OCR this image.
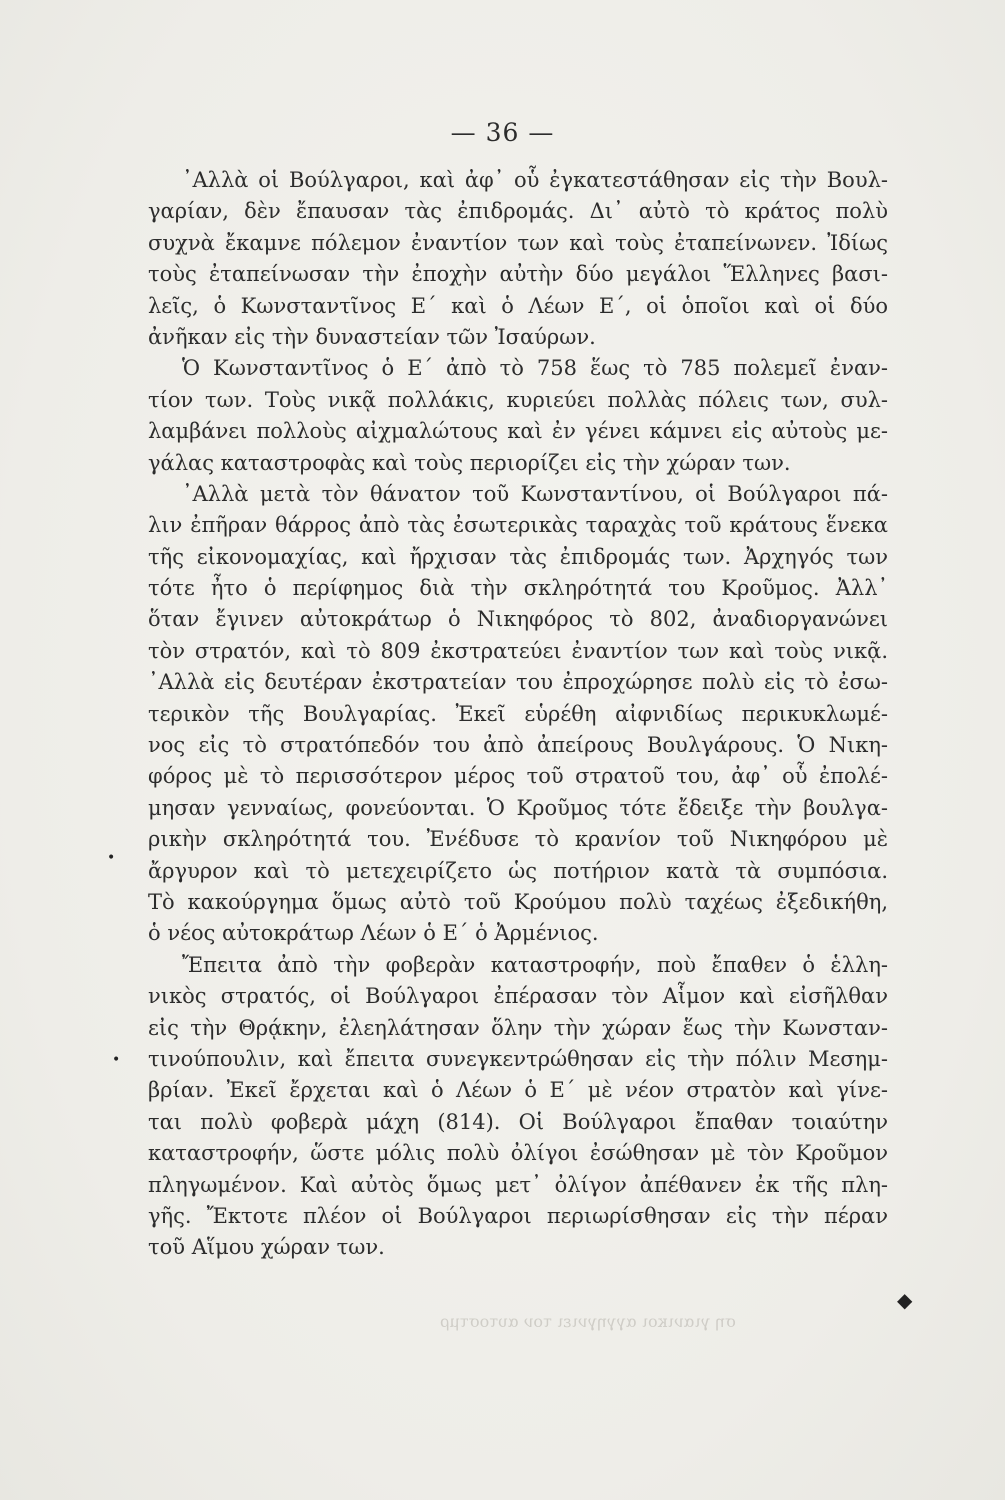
— 36 —
᾿Αλλὰ οἱ Βούλγαροι, καὶ ἀφ᾿ οὗ ἐγκατεστάθησαν εἰς τὴν Βουλ-
γαρίαν, δὲν ἔπαυσαν τὰς ἐπιδρομάς. Δι᾿ αὐτὸ τὸ κράτος πολὺ
συχνὰ ἔκαμνε πόλεμον ἐναντίον των καὶ τοὺς ἐταπείνωνεν. Ἰδίως
τοὺς ἐταπείνωσαν τὴν ἐποχὴν αὐτὴν δύο μεγάλοι Ἕλληνες βασι-
λεῖς, ὁ Κωνσταντῖνος Ε΄ καὶ ὁ Λέων Ε΄, οἱ ὁποῖοι καὶ οἱ δύο
ἀνῆκαν εἰς τὴν δυναστείαν τῶν Ἰσαύρων.
Ὁ Κωνσταντῖνος ὁ Ε΄ ἀπὸ τὸ 758 ἕως τὸ 785 πολεμεῖ ἐναν-
τίον των. Τοὺς νικᾷ πολλάκις, κυριεύει πολλὰς πόλεις των, συλ-
λαμβάνει πολλοὺς αἰχμαλώτους καὶ ἐν γένει κάμνει εἰς αὐτοὺς με-
γάλας καταστροφὰς καὶ τοὺς περιορίζει εἰς τὴν χώραν των.
᾿Αλλὰ μετὰ τὸν θάνατον τοῦ Κωνσταντίνου, οἱ Βούλγαροι πά-
λιν ἐπῆραν θάρρος ἀπὸ τὰς ἐσωτερικὰς ταραχὰς τοῦ κράτους ἕνεκα
τῆς εἰκονομαχίας, καὶ ἤρχισαν τὰς ἐπιδρομάς των. Ἀρχηγός των
τότε ἦτο ὁ περίφημος διὰ τὴν σκληρότητά του Κροῦμος. Ἀλλ᾿
ὅταν ἔγινεν αὐτοκράτωρ ὁ Νικηφόρος τὸ 802, ἀναδιοργανώνει
τὸν στρατόν, καὶ τὸ 809 ἐκστρατεύει ἐναντίον των καὶ τοὺς νικᾷ.
᾿Αλλὰ εἰς δευτέραν ἐκστρατείαν του ἐπροχώρησε πολὺ εἰς τὸ ἐσω-
τερικὸν τῆς Βουλγαρίας. Ἐκεῖ εὑρέθη αἰφνιδίως περικυκλωμέ-
νος εἰς τὸ στρατόπεδόν του ἀπὸ ἀπείρους Βουλγάρους. Ὁ Νικη-
φόρος μὲ τὸ περισσότερον μέρος τοῦ στρατοῦ του, ἀφ᾿ οὗ ἐπολέ-
μησαν γενναίως, φονεύονται. Ὁ Κροῦμος τότε ἔδειξε τὴν βουλγα-
ρικὴν σκληρότητά του. Ἐνέδυσε τὸ κρανίον τοῦ Νικηφόρου μὲ
ἄργυρον καὶ τὸ μετεχειρίζετο ὡς ποτήριον κατὰ τὰ συμπόσια.
Τὸ κακούργημα ὅμως αὐτὸ τοῦ Κρούμου πολὺ ταχέως ἐξεδικήθη,
ὁ νέος αὐτοκράτωρ Λέων ὁ Ε΄ ὁ Ἀρμένιος.
Ἔπειτα ἀπὸ τὴν φοβερὰν καταστροφήν, ποὺ ἔπαθεν ὁ ἑλλη-
νικὸς στρατός, οἱ Βούλγαροι ἐπέρασαν τὸν Αἷμον καὶ εἰσῆλθαν
εἰς τὴν Θρᾴκην, ἐλεηλάτησαν ὅλην τὴν χώραν ἕως τὴν Κωνσταν-
τινούπουλιν, καὶ ἔπειτα συνεγκεντρώθησαν εἰς τὴν πόλιν Μεσημ-
βρίαν. Ἐκεῖ ἔρχεται καὶ ὁ Λέων ὁ Ε΄ μὲ νέον στρατὸν καὶ γίνε-
ται πολὺ φοβερὰ μάχη (814). Οἱ Βούλγαροι ἔπαθαν τοιαύτην
καταστροφήν, ὥστε μόλις πολὺ ὀλίγοι ἐσώθησαν μὲ τὸν Κροῦμον
πληγωμένον. Καὶ αὐτὸς ὅμως μετ᾿ ὀλίγον ἀπέθανεν ἐκ τῆς πλη-
γῆς. Ἔκτοτε πλέον οἱ Βούλγαροι περιωρίσθησαν εἰς τὴν πέραν
τοῦ Αἵμου χώραν των.
◆
•
•
ση γιανικοι αγγηγνιει τον αυτοστμρ
